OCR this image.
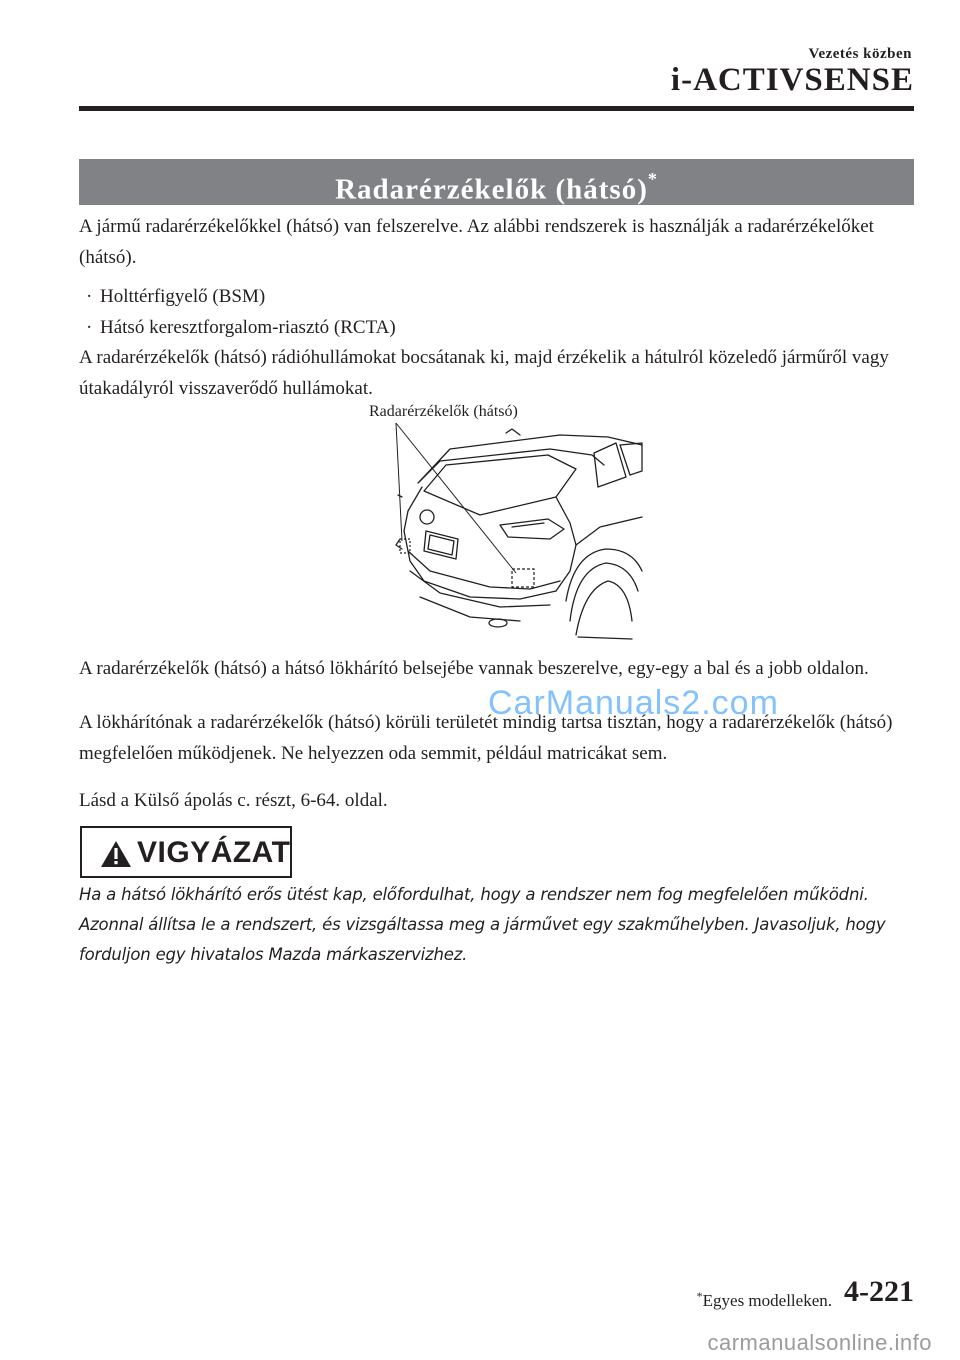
Vezetés közben
i-ACTIVSENSE
Radarérzékelők (hátsó)*

A jármű radarérzékelőkkel (hátsó) van felszerelve. Az alábbi rendszerek is használják a radarérzékelőket (hátsó).

· Holttérfigyelő (BSM)
· Hátsó keresztforgalom-riasztó (RCTA)

A radarérzékelők (hátsó) rádióhullámokat bocsátanak ki, majd érzékelik a hátulról közeledő járműről vagy útakadályról visszaverődő hullámokat.

Radarérzékelők (hátsó)

A radarérzékelők (hátsó) a hátsó lökhárító belsejébe vannak beszerelve, egy-egy a bal és a jobb oldalon.

A lökhárítónak a radarérzékelők (hátsó) körüli területét mindig tartsa tisztán, hogy a radarérzékelők (hátsó) megfelelően működjenek. Ne helyezzen oda semmit, például matricákat sem.

Lásd a Külső ápolás c. részt, 6-64. oldal.

CarManuals2.com
VIGYÁZAT

Ha a hátsó lökhárító erős ütést kap, előfordulhat, hogy a rendszer nem fog megfelelően működni. Azonnal állítsa le a rendszert, és vizsgáltassa meg a járművet egy szakműhelyben. Javasoljuk, hogy forduljon egy hivatalos Mazda márkaszervizhez.

*Egyes modelleken. 4-221
carmanualsonline.info
